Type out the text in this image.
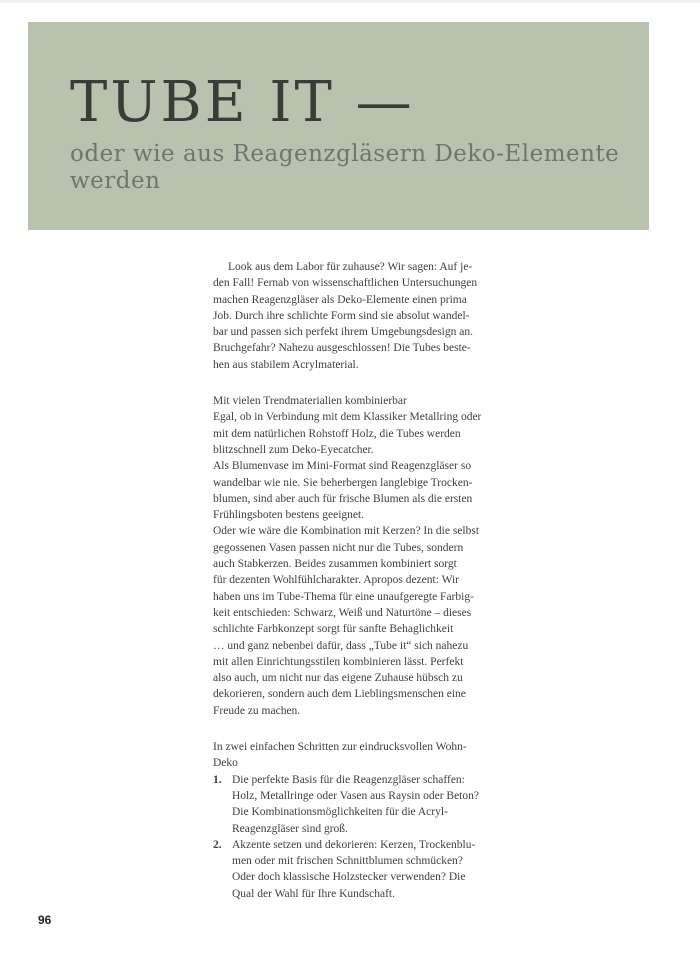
TUBE IT —

oder wie aus Reagenzgläsern Deko-Elemente werden

Look aus dem Labor für zuhause? Wir sagen: Auf je-
den Fall! Fernab von wissenschaftlichen Untersuchungen
machen Reagenzgläser als Deko-Elemente einen prima
Job. Durch ihre schlichte Form sind sie absolut wandel-
bar und passen sich perfekt ihrem Umgebungsdesign an.
Bruchgefahr? Nahezu ausgeschlossen! Die Tubes beste-
hen aus stabilem Acrylmaterial.
Mit vielen Trendmaterialien kombinierbar
Egal, ob in Verbindung mit dem Klassiker Metallring oder
mit dem natürlichen Rohstoff Holz, die Tubes werden
blitzschnell zum Deko-Eyecatcher.
Als Blumenvase im Mini-Format sind Reagenzgläser so
wandelbar wie nie. Sie beherbergen langlebige Trocken-
blumen, sind aber auch für frische Blumen als die ersten
Frühlingsboten bestens geeignet.
Oder wie wäre die Kombination mit Kerzen? In die selbst
gegossenen Vasen passen nicht nur die Tubes, sondern
auch Stabkerzen. Beides zusammen kombiniert sorgt
für dezenten Wohlfühlcharakter. Apropos dezent: Wir
haben uns im Tube-Thema für eine unaufgeregte Farbig-
keit entschieden: Schwarz, Weiß und Naturtöne – dieses
schlichte Farbkonzept sorgt für sanfte Behaglichkeit
… und ganz nebenbei dafür, dass „Tube it“ sich nahezu
mit allen Einrichtungsstilen kombinieren lässt. Perfekt
also auch, um nicht nur das eigene Zuhause hübsch zu
dekorieren, sondern auch dem Lieblingsmenschen eine
Freude zu machen.
In zwei einfachen Schritten zur eindrucksvollen Wohn-
Deko
1. Die perfekte Basis für die Reagenzgläser schaffen:
Holz, Metallringe oder Vasen aus Raysin oder Beton?
Die Kombinationsmöglichkeiten für die Acryl-
Reagenzgläser sind groß.
2. Akzente setzen und dekorieren: Kerzen, Trockenblu-
men oder mit frischen Schnittblumen schmücken?
Oder doch klassische Holzstecker verwenden? Die
Qual der Wahl für Ihre Kundschaft.
96
